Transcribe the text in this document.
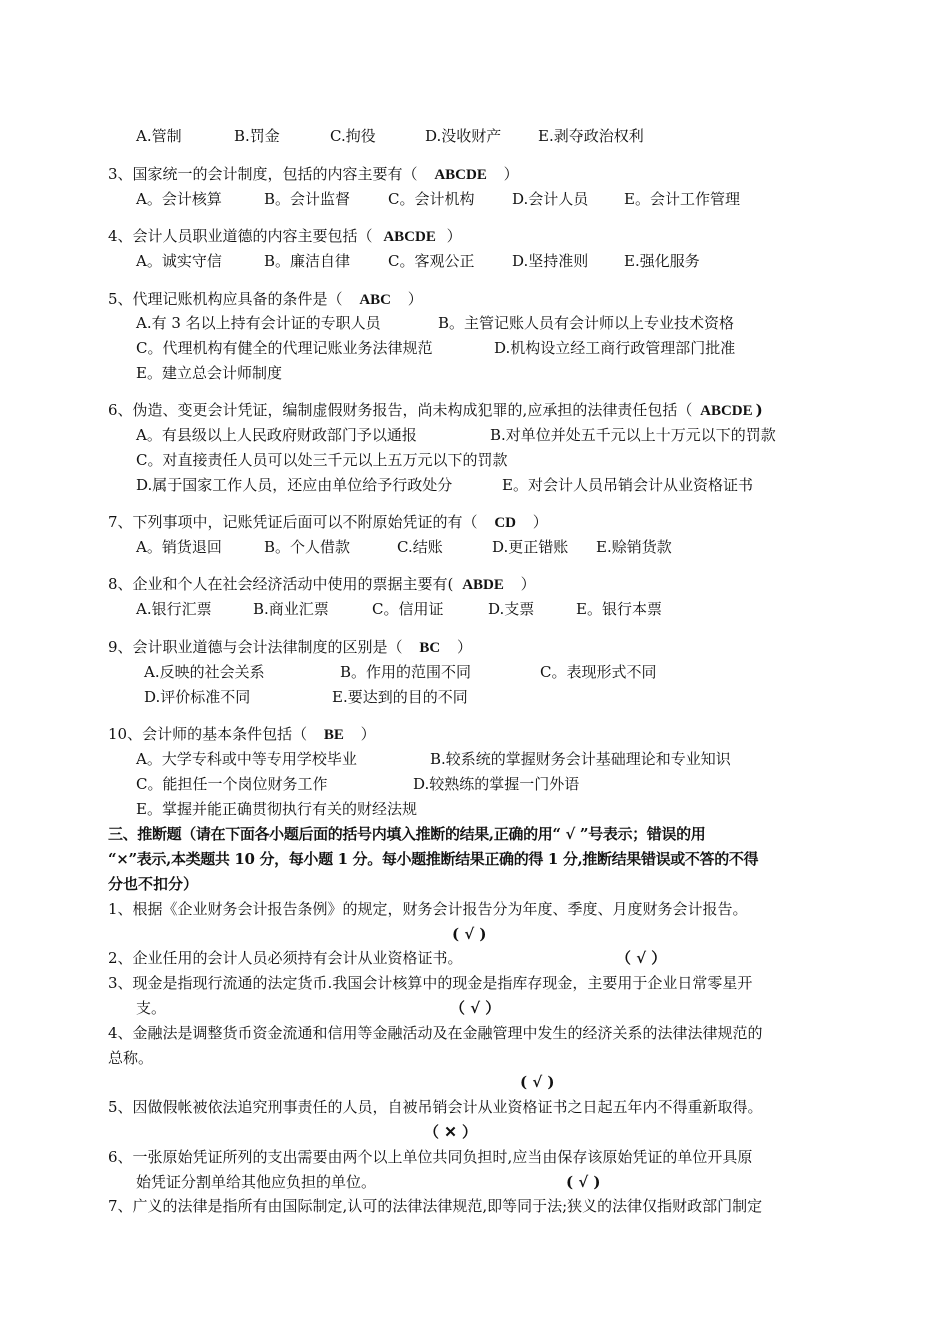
A.管制	B.罚金	C.拘役	D.没收财产 E.剥夺政治权利
3、国家统一的会计制度，包括的内容主要有（ ABCDE ）
A。会计核算	B。会计监督	C。会计机构	D.会计人员 E。会计工作管理
4、会计人员职业道德的内容主要包括（ ABCDE ）
A。诚实守信	B。廉洁自律	C。客观公正	D.坚持准则 E.强化服务
5、代理记账机构应具备的条件是（ ABC ）
A.有 3 名以上持有会计证的专职人员	B。主管记账人员有会计师以上专业技术资格
C。代理机构有健全的代理记账业务法律规范	D.机构设立经工商行政管理部门批准
E。建立总会计师制度
6、伪造、变更会计凭证，编制虚假财务报告，尚未构成犯罪的,应承担的法律责任包括（ ABCDE )
A。有县级以上人民政府财政部门予以通报	B.对单位并处五千元以上十万元以下的罚款
C。对直接责任人员可以处三千元以上五万元以下的罚款
D.属于国家工作人员，还应由单位给予行政处分	E。对会计人员吊销会计从业资格证书
7、下列事项中，记账凭证后面可以不附原始凭证的有（ CD ）
A。销货退回	B。个人借款	C.结账	D.更正错账 E.赊销货款
8、企业和个人在社会经济活动中使用的票据主要有( ABDE ）
A.银行汇票	B.商业汇票	C。信用证	D.支票	E。银行本票
9、会计职业道德与会计法律制度的区别是（ BC ）
A.反映的社会关系	B。作用的范围不同	C。表现形式不同
D.评价标准不同	E.要达到的目的不同
10、会计师的基本条件包括（ BE ）
A。大学专科或中等专用学校毕业	B.较系统的掌握财务会计基础理论和专业知识
C。能担任一个岗位财务工作	D.较熟练的掌握一门外语
E。掌握并能正确贯彻执行有关的财经法规
三、推断题（请在下面各小题后面的括号内填入推断的结果,正确的用“ √ ”号表示；错误的用
“×”表示,本类题共 10 分，每小题 1 分。每小题推断结果正确的得 1 分,推断结果错误或不答的不得
分也不扣分）
1、根据《企业财务会计报告条例》的规定，财务会计报告分为年度、季度、月度财务会计报告。
( √ )
2、企业任用的会计人员必须持有会计从业资格证书。	（ √ ）
3、现金是指现行流通的法定货币.我国会计核算中的现金是指库存现金，主要用于企业日常零星开
支。	（ √ ）
4、金融法是调整货币资金流通和信用等金融活动及在金融管理中发生的经济关系的法律法律规范的
总称。
( √ )
5、因做假帐被依法追究刑事责任的人员，自被吊销会计从业资格证书之日起五年内不得重新取得。
（ ✕ ）
6、一张原始凭证所列的支出需要由两个以上单位共同负担时,应当由保存该原始凭证的单位开具原
始凭证分割单给其他应负担的单位。	( √ )
7、广义的法律是指所有由国际制定,认可的法律法律规范,即等同于法;狭义的法律仅指财政部门制定
